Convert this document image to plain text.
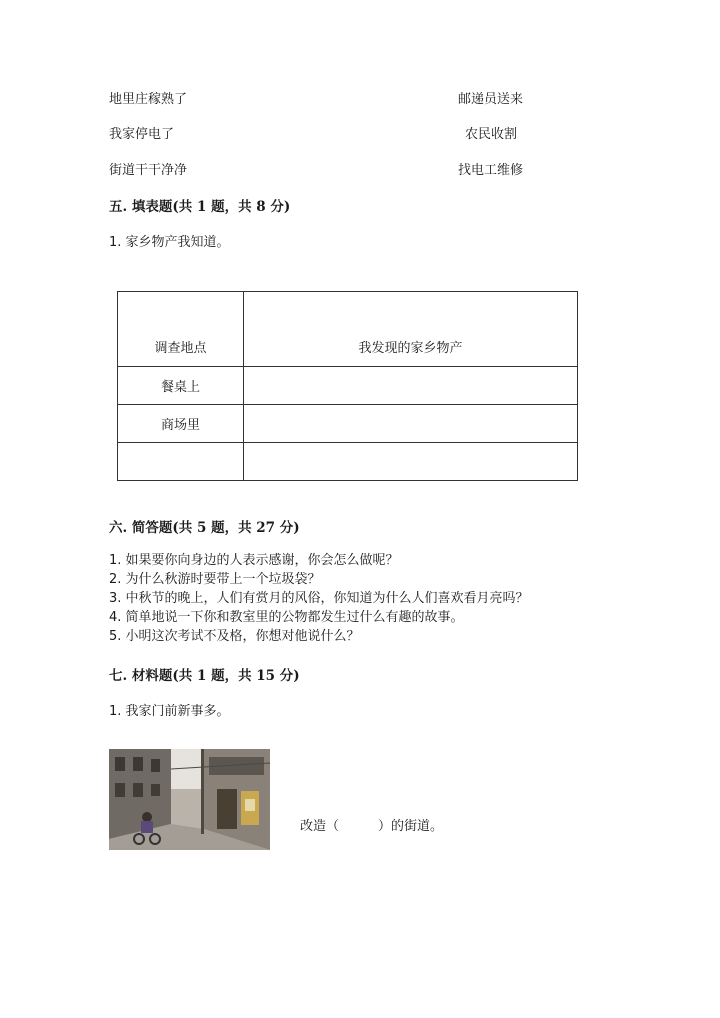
地里庄稼熟了	邮递员送来
我家停电了	农民收割
街道干干净净	找电工维修
五. 填表题(共 1 题，共 8 分)
1. 家乡物产我知道。
调查地点	我发现的家乡物产
餐桌上	
商场里	

六. 简答题(共 5 题，共 27 分)
1. 如果要你向身边的人表示感谢，你会怎么做呢？
2. 为什么秋游时要带上一个垃圾袋？
3. 中秋节的晚上，人们有赏月的风俗，你知道为什么人们喜欢看月亮吗？
4. 简单地说一下你和教室里的公物都发生过什么有趣的故事。
5. 小明这次考试不及格，你想对他说什么？
七. 材料题(共 1 题，共 15 分)
1. 我家门前新事多。
改造（　　　）的街道。
